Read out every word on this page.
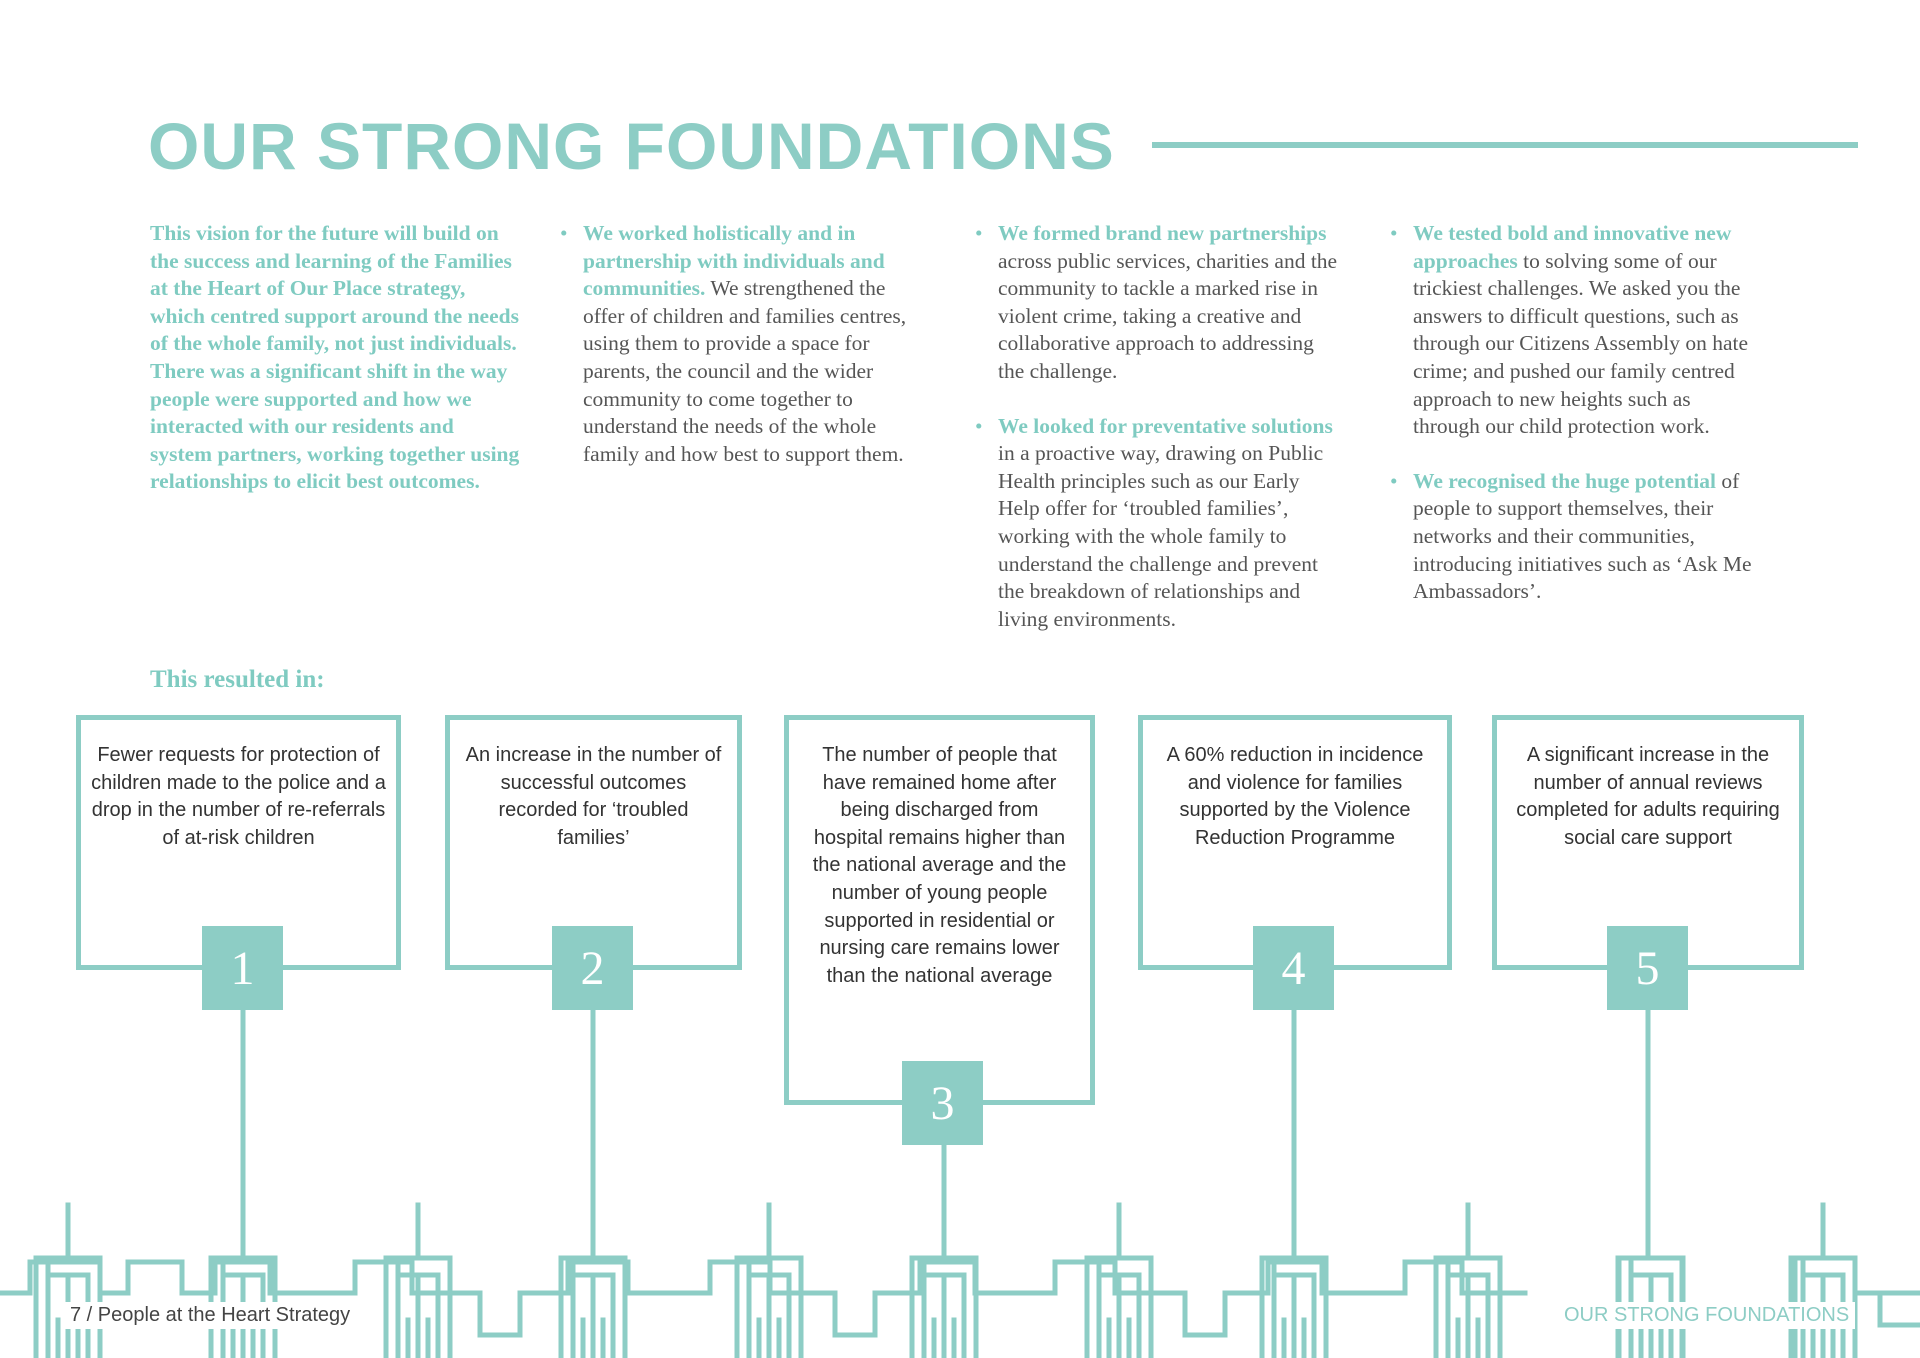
OUR STRONG FOUNDATIONS
This vision for the future will build on the success and learning of the Families at the Heart of Our Place strategy, which centred support around the needs of the whole family, not just individuals. There was a significant shift in the way people were supported and how we interacted with our residents and system partners, working together using relationships to elicit best outcomes.
• We worked holistically and in partnership with individuals and communities. We strengthened the offer of children and families centres, using them to provide a space for parents, the council and the wider community to come together to understand the needs of the whole family and how best to support them.
• We formed brand new partnerships across public services, charities and the community to tackle a marked rise in violent crime, taking a creative and collaborative approach to addressing the challenge.
• We looked for preventative solutions in a proactive way, drawing on Public Health principles such as our Early Help offer for ‘troubled families’, working with the whole family to understand the challenge and prevent the breakdown of relationships and living environments.
• We tested bold and innovative new approaches to solving some of our trickiest challenges. We asked you the answers to difficult questions, such as through our Citizens Assembly on hate crime; and pushed our family centred approach to new heights such as through our child protection work.
• We recognised the huge potential of people to support themselves, their networks and their communities, introducing initiatives such as ‘Ask Me Ambassadors’.
This resulted in:
Fewer requests for protection of children made to the police and a drop in the number of re-referrals of at-risk children
An increase in the number of successful outcomes recorded for ‘troubled families’
The number of people that have remained home after being discharged from hospital remains higher than the national average and the number of young people supported in residential or nursing care remains lower than the national average
A 60% reduction in incidence and violence for families supported by the Violence Reduction Programme
A significant increase in the number of annual reviews completed for adults requiring social care support
1	2
3
4	5
7 / People at the Heart Strategy	OUR STRONG FOUNDATIONS
